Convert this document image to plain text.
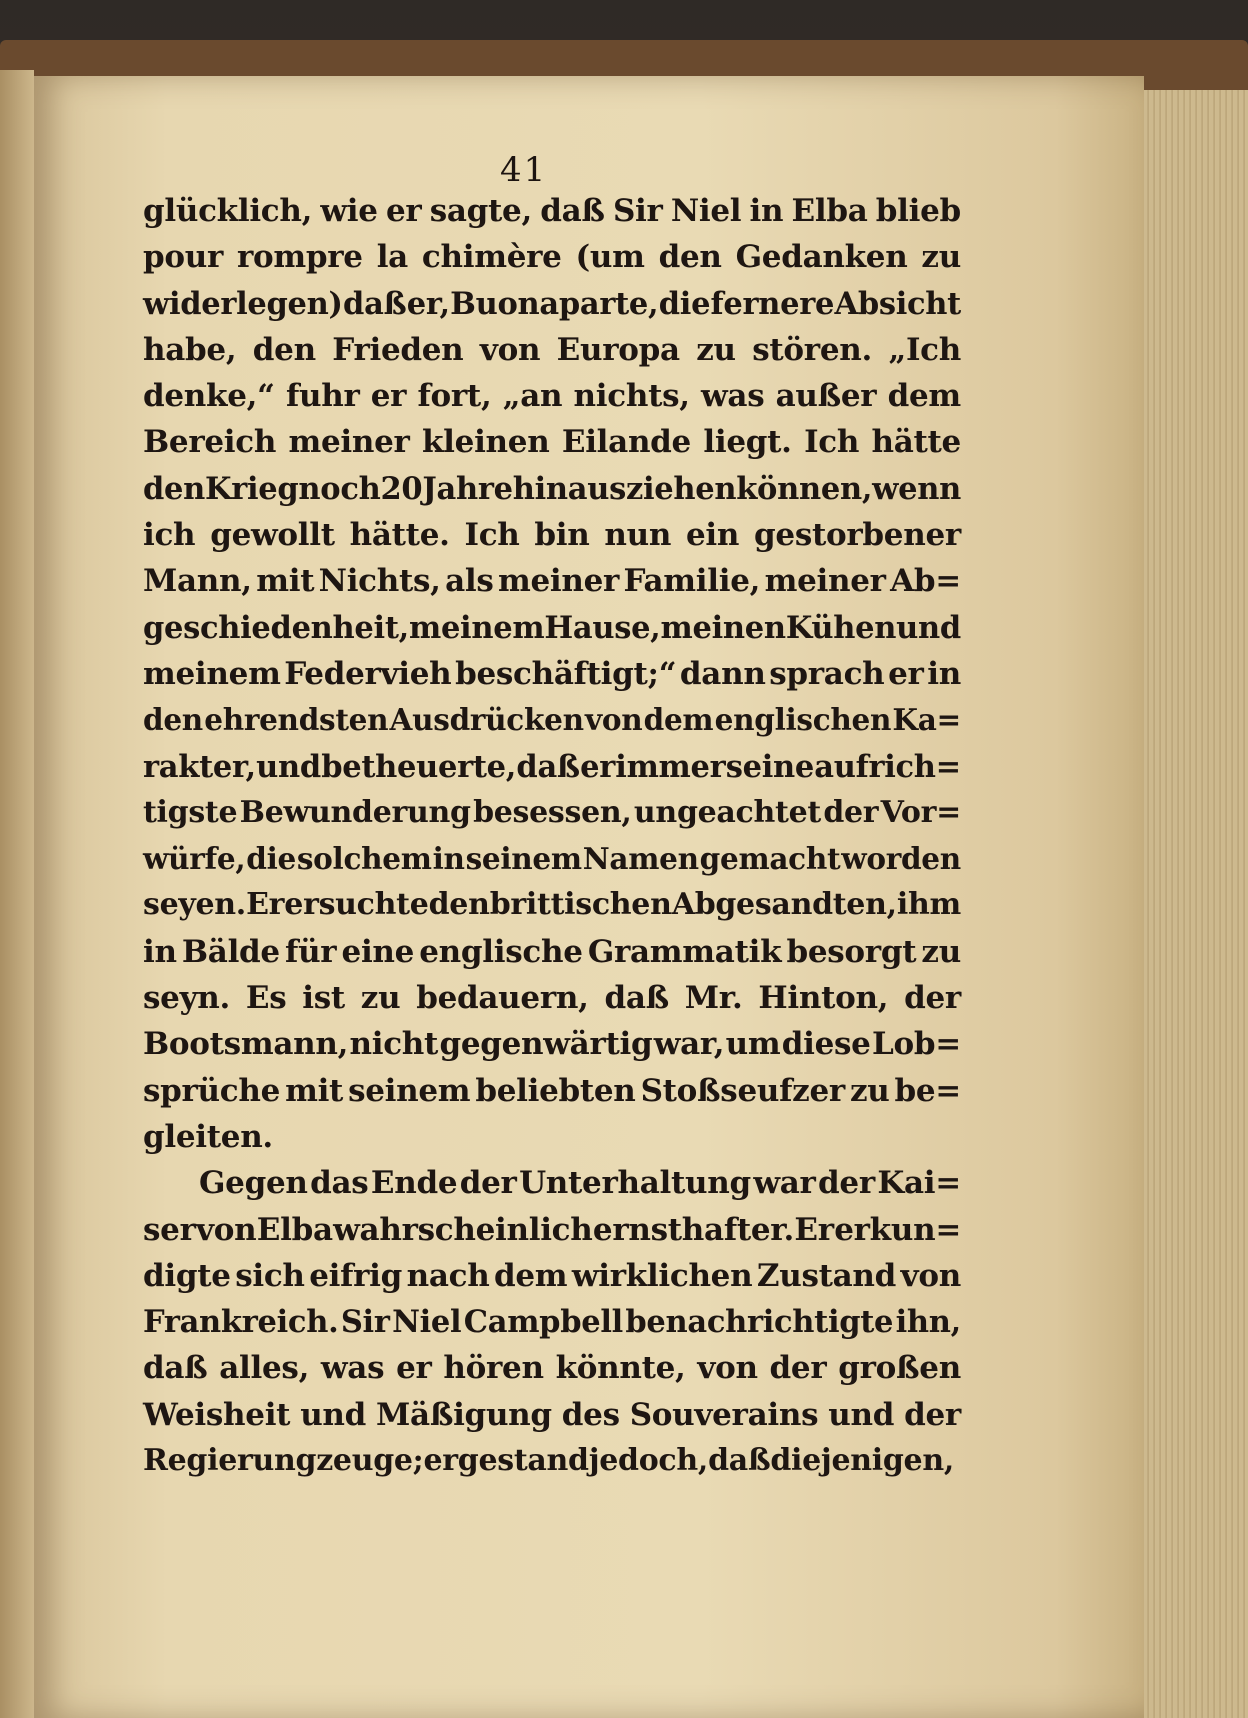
41
glücklich, wie er sagte, daß Sir Niel in Elba blieb
pour rompre la chimère (um den Gedanken zu
widerlegen) daß er, Buonaparte, die fernere Absicht
habe, den Frieden von Europa zu stören. „Ich
denke,“ fuhr er fort, „an nichts, was außer dem
Bereich meiner kleinen Eilande liegt. Ich hätte
den Krieg noch 20 Jahre hinausziehen können, wenn
ich gewollt hätte. Ich bin nun ein gestorbener
Mann, mit Nichts, als meiner Familie, meiner Ab=
geschiedenheit, meinem Hause, meinen Kühen und
meinem Federvieh beschäftigt;“ dann sprach er in
den ehrendsten Ausdrücken von dem englischen Ka=
rakter, und betheuerte, daß er immer seine aufrich=
tigste Bewunderung besessen, ungeachtet der Vor=
würfe, die solchem in seinem Namen gemacht worden
seyen. Er ersuchte den brittischen Abgesandten, ihm
in Bälde für eine englische Grammatik besorgt zu
seyn. Es ist zu bedauern, daß Mr. Hinton, der
Bootsmann, nicht gegenwärtig war, um diese Lob=
sprüche mit seinem beliebten Stoßseufzer zu be=
gleiten.
Gegen das Ende der Unterhaltung war der Kai=
ser von Elba wahrscheinlich ernsthafter. Er erkun=
digte sich eifrig nach dem wirklichen Zustand von
Frankreich. Sir Niel Campbell benachrichtigte ihn,
daß alles, was er hören könnte, von der großen
Weisheit und Mäßigung des Souverains und der
Regierung zeuge; er gestand jedoch, daß diejenigen,
